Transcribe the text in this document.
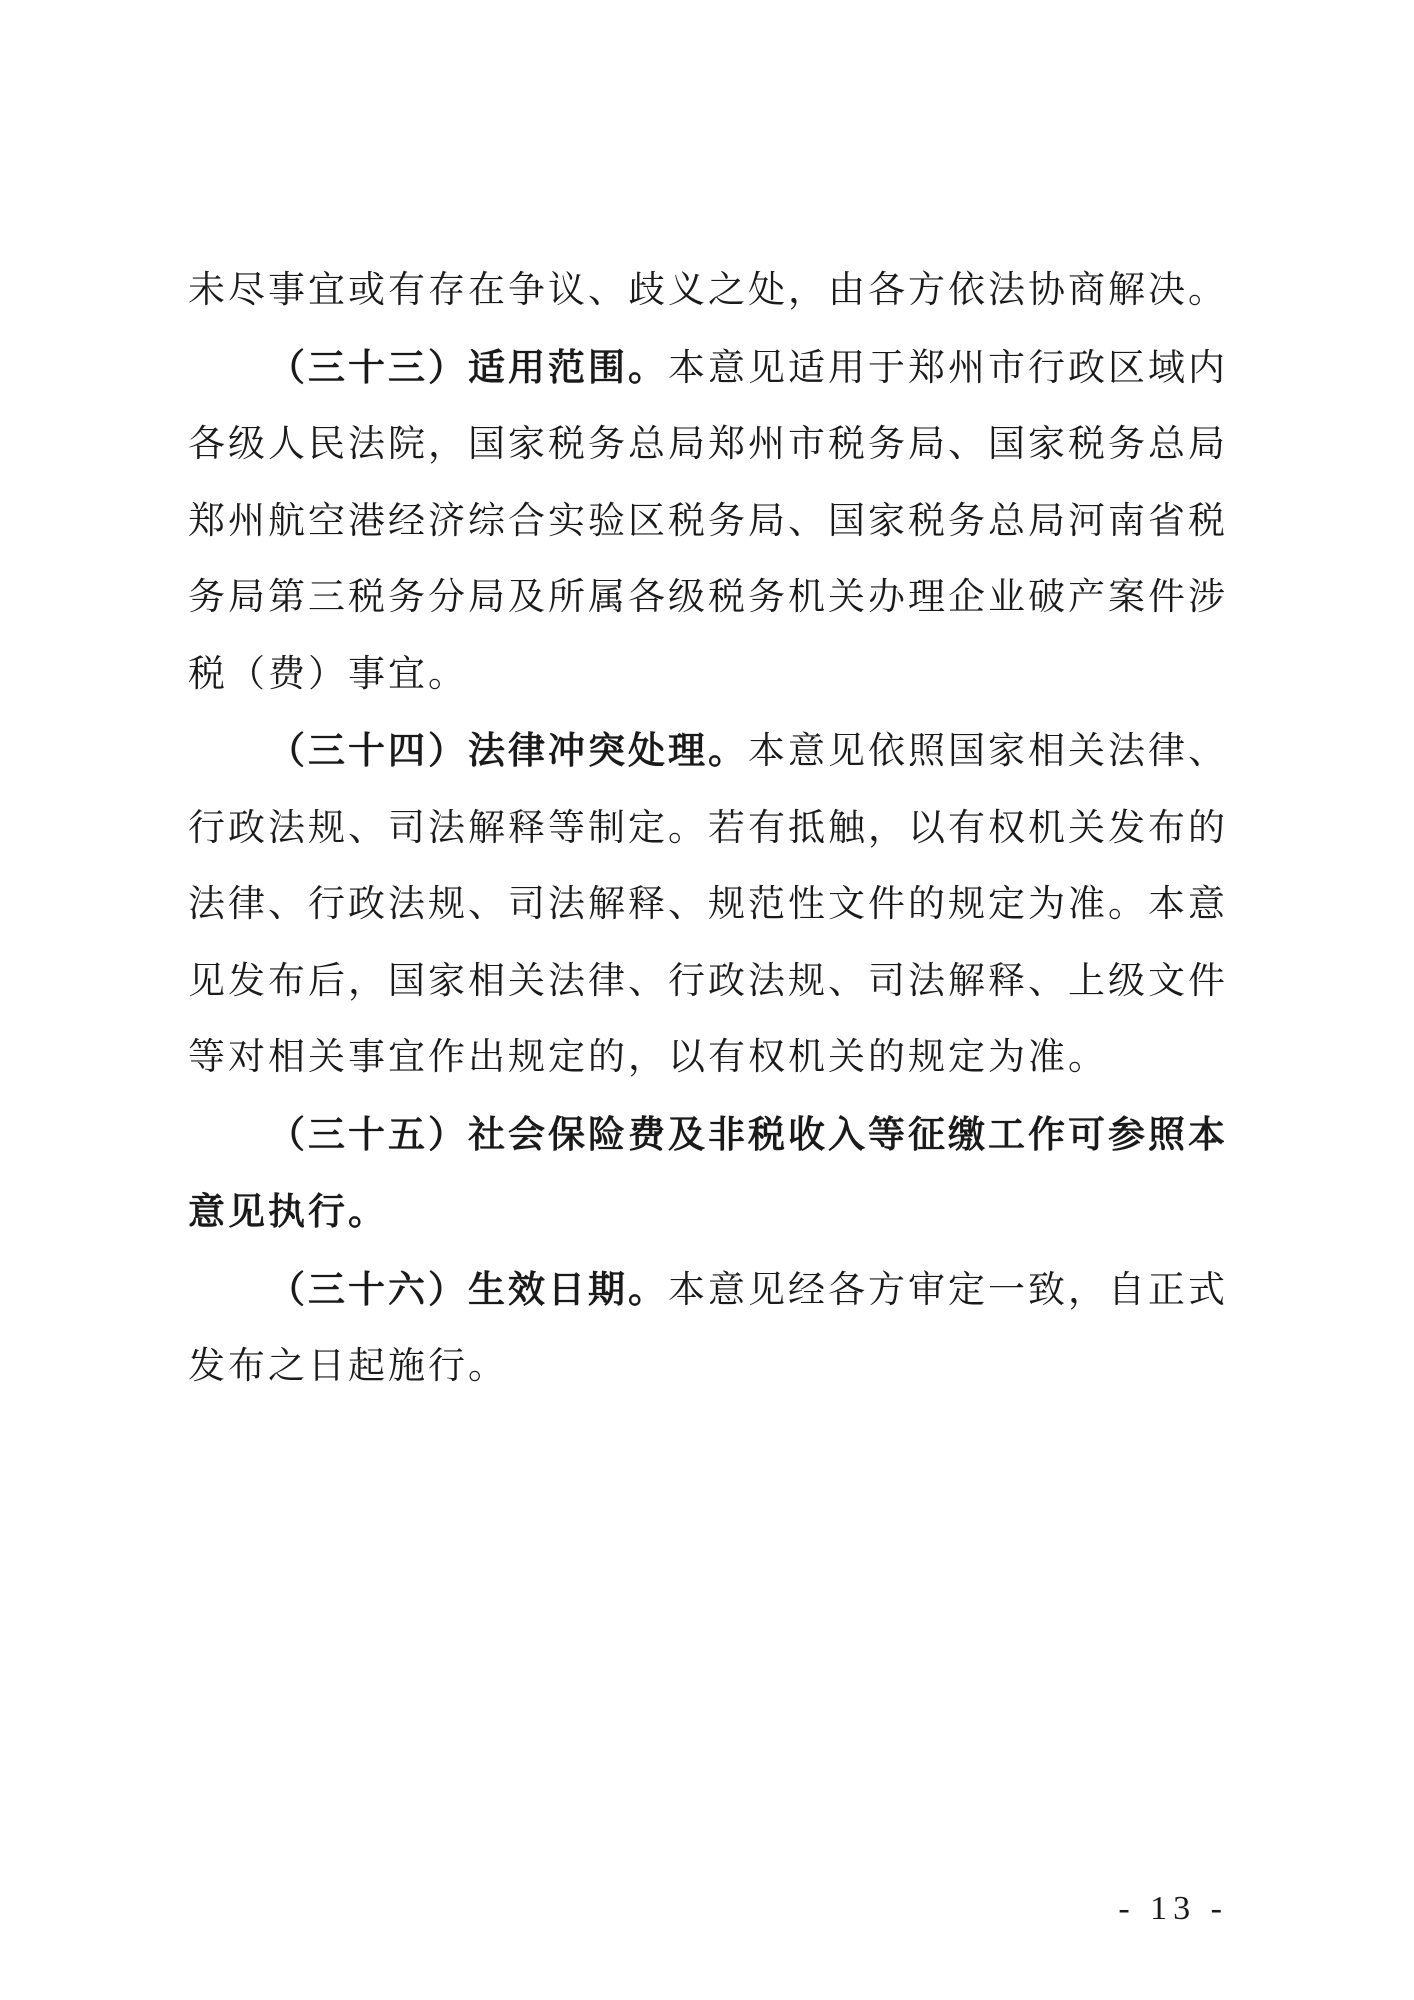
未尽事宜或有存在争议、歧义之处，由各方依法协商解决。

（三十三）适用范围。本意见适用于郑州市行政区域内各级人民法院，国家税务总局郑州市税务局、国家税务总局郑州航空港经济综合实验区税务局、国家税务总局河南省税务局第三税务分局及所属各级税务机关办理企业破产案件涉税（费）事宜。

（三十四）法律冲突处理。本意见依照国家相关法律、行政法规、司法解释等制定。若有抵触，以有权机关发布的法律、行政法规、司法解释、规范性文件的规定为准。本意见发布后，国家相关法律、行政法规、司法解释、上级文件等对相关事宜作出规定的，以有权机关的规定为准。

（三十五）社会保险费及非税收入等征缴工作可参照本意见执行。

（三十六）生效日期。本意见经各方审定一致，自正式发布之日起施行。

- 13 -
